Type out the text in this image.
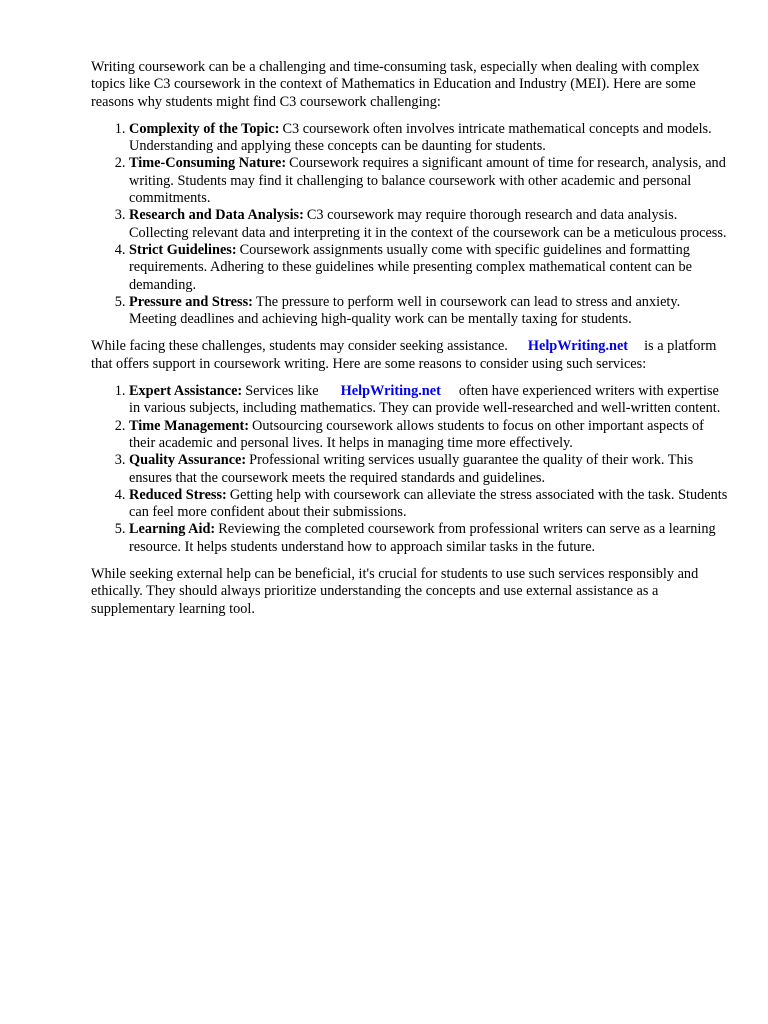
Writing coursework can be a challenging and time-consuming task, especially when dealing with complex topics like C3 coursework in the context of Mathematics in Education and Industry (MEI). Here are some reasons why students might find C3 coursework challenging:

1. Complexity of the Topic: C3 coursework often involves intricate mathematical concepts and models. Understanding and applying these concepts can be daunting for students.
2. Time-Consuming Nature: Coursework requires a significant amount of time for research, analysis, and writing. Students may find it challenging to balance coursework with other academic and personal commitments.
3. Research and Data Analysis: C3 coursework may require thorough research and data analysis. Collecting relevant data and interpreting it in the context of the coursework can be a meticulous process.
4. Strict Guidelines: Coursework assignments usually come with specific guidelines and formatting requirements. Adhering to these guidelines while presenting complex mathematical content can be demanding.
5. Pressure and Stress: The pressure to perform well in coursework can lead to stress and anxiety. Meeting deadlines and achieving high-quality work can be mentally taxing for students.

While facing these challenges, students may consider seeking assistance. HelpWriting.net is a platform that offers support in coursework writing. Here are some reasons to consider using such services:

1. Expert Assistance: Services like HelpWriting.net often have experienced writers with expertise in various subjects, including mathematics. They can provide well-researched and well-written content.
2. Time Management: Outsourcing coursework allows students to focus on other important aspects of their academic and personal lives. It helps in managing time more effectively.
3. Quality Assurance: Professional writing services usually guarantee the quality of their work. This ensures that the coursework meets the required standards and guidelines.
4. Reduced Stress: Getting help with coursework can alleviate the stress associated with the task. Students can feel more confident about their submissions.
5. Learning Aid: Reviewing the completed coursework from professional writers can serve as a learning resource. It helps students understand how to approach similar tasks in the future.

While seeking external help can be beneficial, it's crucial for students to use such services responsibly and ethically. They should always prioritize understanding the concepts and use external assistance as a supplementary learning tool.
